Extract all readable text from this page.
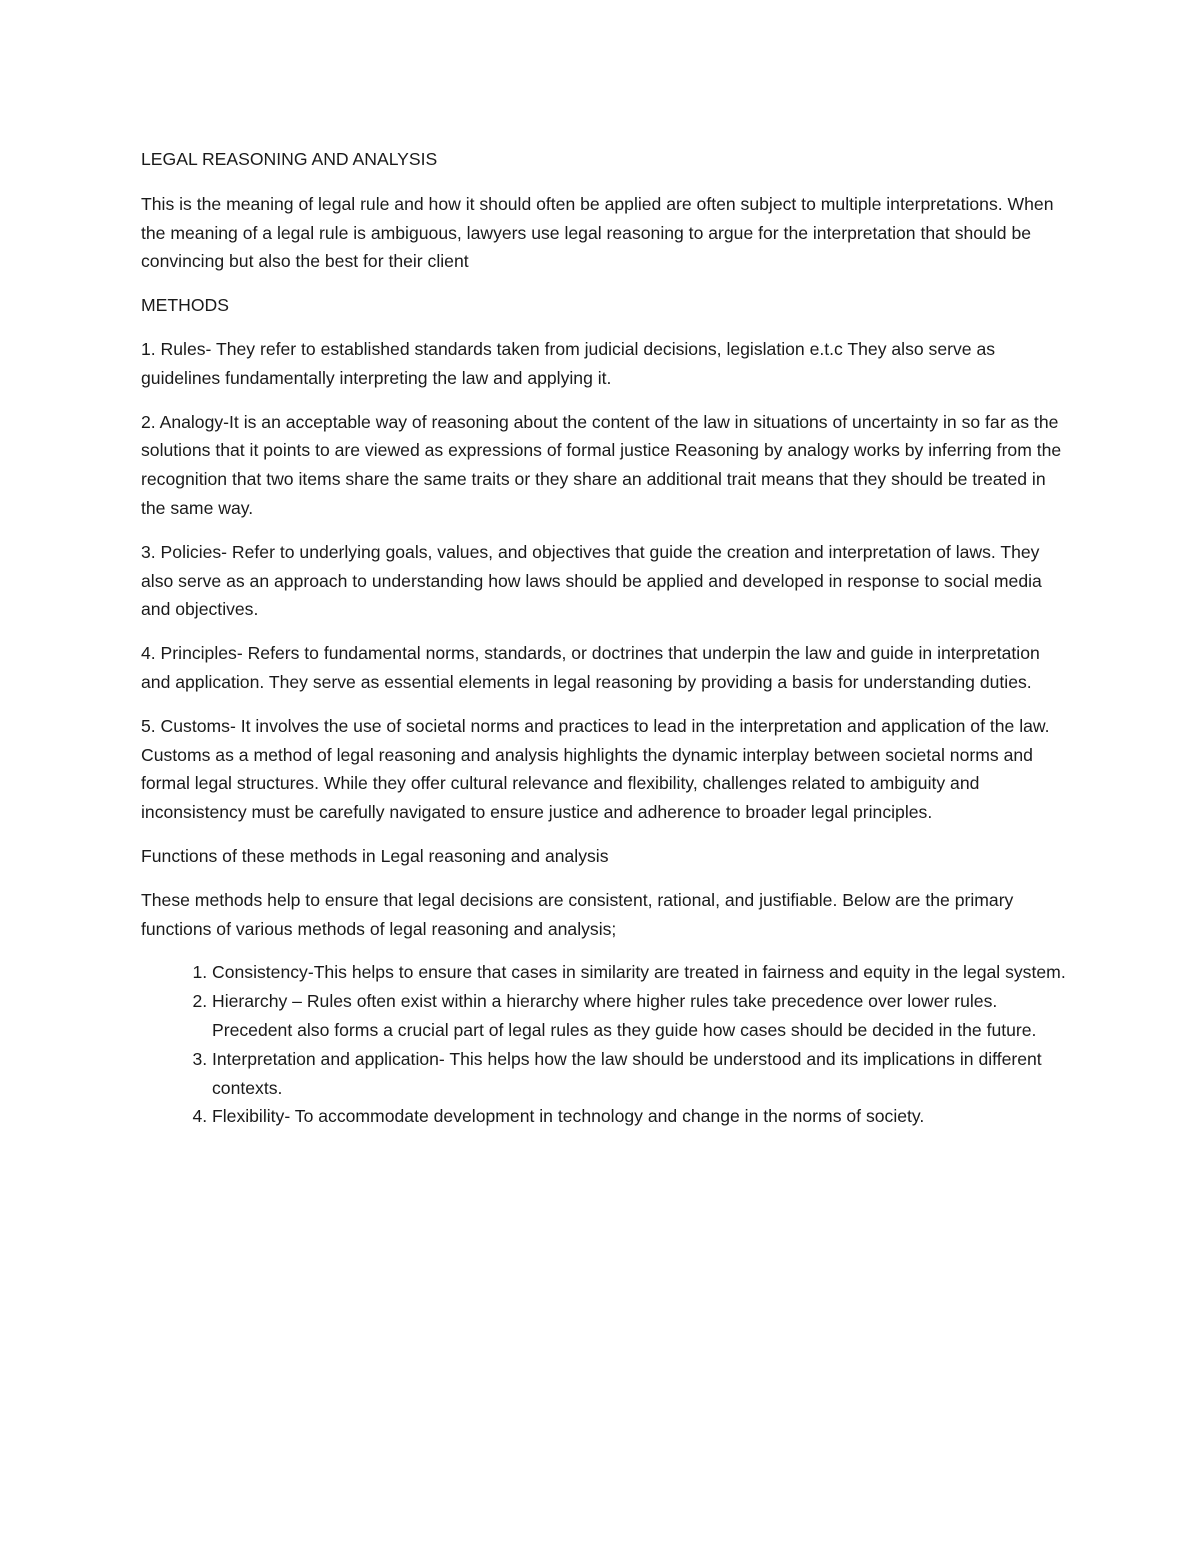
LEGAL REASONING AND ANALYSIS

This is the meaning of legal rule and how it should often be applied are often subject to multiple interpretations. When the meaning of a legal rule is ambiguous, lawyers use legal reasoning to argue for the interpretation that should be convincing but also the best for their client

METHODS

1. Rules- They refer to established standards taken from judicial decisions, legislation e.t.c They also serve as guidelines fundamentally interpreting the law and applying it.

2. Analogy-It is an acceptable way of reasoning about the content of the law in situations of uncertainty in so far as the solutions that it points to are viewed as expressions of formal justice Reasoning by analogy works by inferring from the recognition that two items share the same traits or they share an additional trait means that they should be treated in the same way.

3. Policies- Refer to underlying goals, values, and objectives that guide the creation and interpretation of laws. They also serve as an approach to understanding how laws should be applied and developed in response to social media and objectives.

4. Principles- Refers to fundamental norms, standards, or doctrines that underpin the law and guide in interpretation and application. They serve as essential elements in legal reasoning by providing a basis for understanding duties.

5. Customs- It involves the use of societal norms and practices to lead in the interpretation and application of the law. Customs as a method of legal reasoning and analysis highlights the dynamic interplay between societal norms and formal legal structures. While they offer cultural relevance and flexibility, challenges related to ambiguity and inconsistency must be carefully navigated to ensure justice and adherence to broader legal principles.

Functions of these methods in Legal reasoning and analysis

These methods help to ensure that legal decisions are consistent, rational, and justifiable. Below are the primary functions of various methods of legal reasoning and analysis;

1. Consistency-This helps to ensure that cases in similarity are treated in fairness and equity in the legal system.
2. Hierarchy – Rules often exist within a hierarchy where higher rules take precedence over lower rules. Precedent also forms a crucial part of legal rules as they guide how cases should be decided in the future.
3. Interpretation and application- This helps how the law should be understood and its implications in different contexts.
4. Flexibility- To accommodate development in technology and change in the norms of society.
